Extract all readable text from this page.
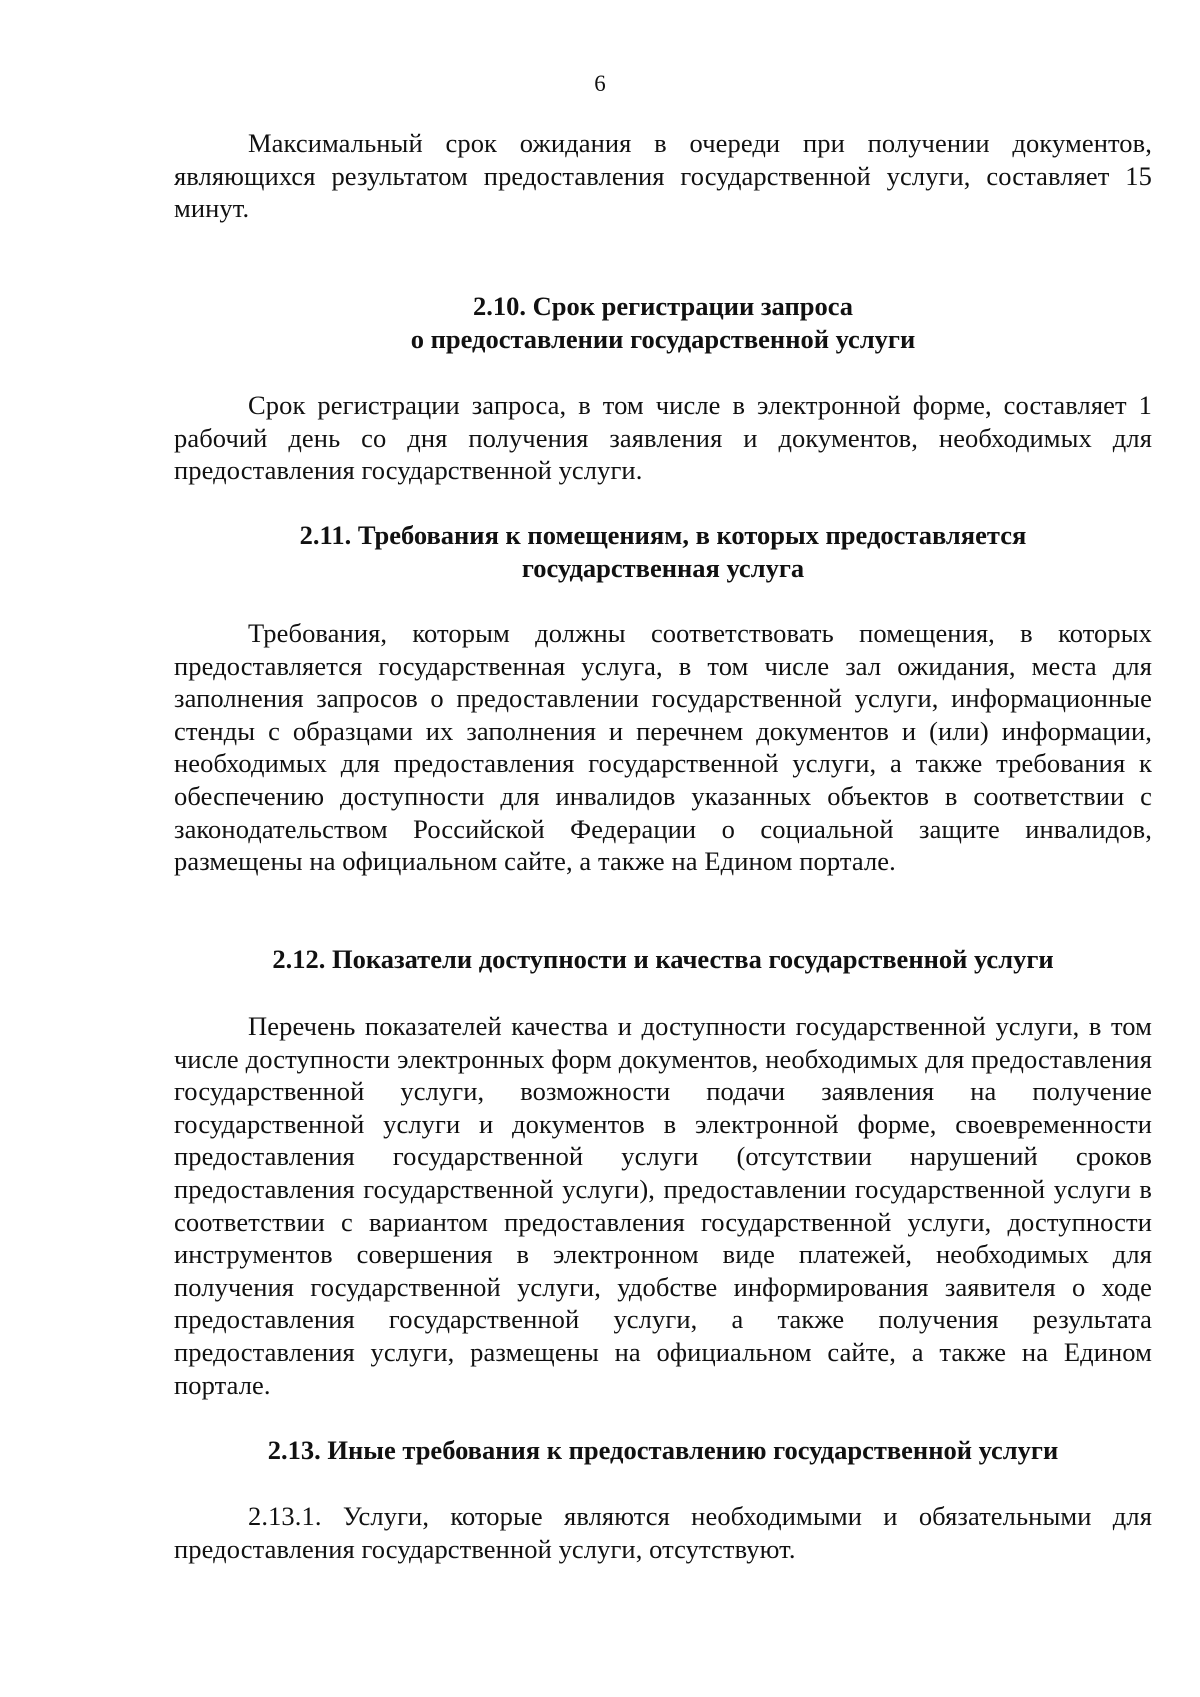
6

Максимальный срок ожидания в очереди при получении документов, являющихся результатом предоставления государственной услуги, составляет 15 минут.

2.10. Срок регистрации запроса
о предоставлении государственной услуги

Срок регистрации запроса, в том числе в электронной форме, составляет 1 рабочий день со дня получения заявления и документов, необходимых для предоставления государственной услуги.

2.11. Требования к помещениям, в которых предоставляется
государственная услуга

Требования, которым должны соответствовать помещения, в которых предоставляется государственная услуга, в том числе зал ожидания, места для заполнения запросов о предоставлении государственной услуги, информационные стенды с образцами их заполнения и перечнем документов и (или) информации, необходимых для предоставления государственной услуги, а также требования к обеспечению доступности для инвалидов указанных объектов в соответствии с законодательством Российской Федерации о социальной защите инвалидов, размещены на официальном сайте, а также на Едином портале.

2.12. Показатели доступности и качества государственной услуги

Перечень показателей качества и доступности государственной услуги, в том числе доступности электронных форм документов, необходимых для предоставления государственной услуги, возможности подачи заявления на получение государственной услуги и документов в электронной форме, своевременности предоставления государственной услуги (отсутствии нарушений сроков предоставления государственной услуги), предоставлении государственной услуги в соответствии с вариантом предоставления государственной услуги, доступности инструментов совершения в электронном виде платежей, необходимых для получения государственной услуги, удобстве информирования заявителя о ходе предоставления государственной услуги, а также получения результата предоставления услуги, размещены на официальном сайте, а также на Едином портале.

2.13. Иные требования к предоставлению государственной услуги

2.13.1. Услуги, которые являются необходимыми и обязательными для предоставления государственной услуги, отсутствуют.
